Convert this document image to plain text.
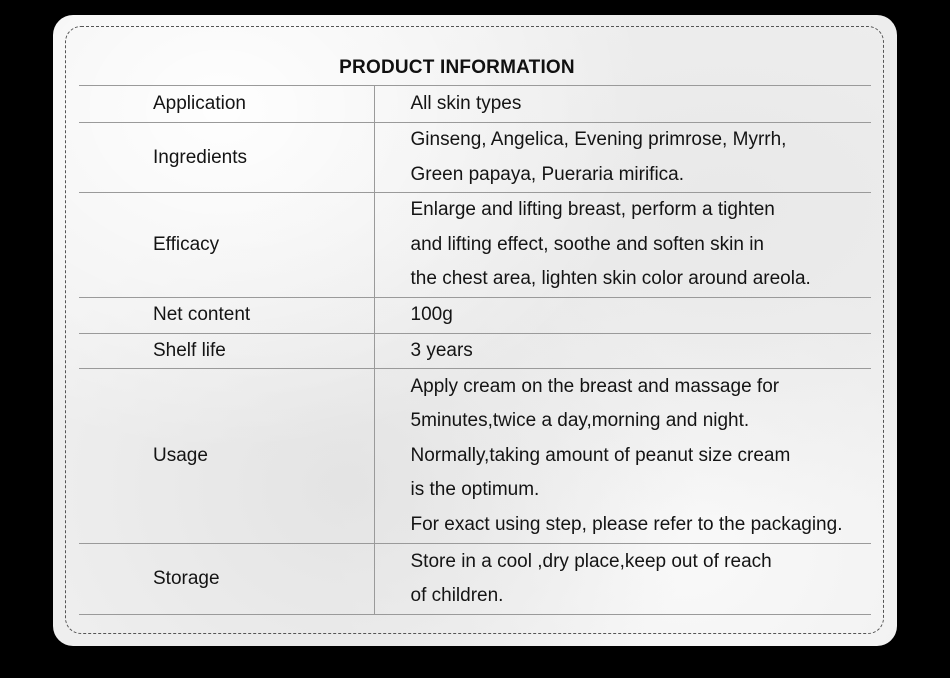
PRODUCT INFORMATION
Application	All skin types

Ingredients	Ginseng, Angelica, Evening primrose, Myrrh,
Green papaya, Pueraria mirifica.

Efficacy	Enlarge and lifting breast, perform a tighten
and lifting effect, soothe and soften skin in
the chest area, lighten skin color around areola.

Net content	100g

Shelf life	3 years

Usage	Apply cream on the breast and massage for
5minutes,twice a day,morning and night.
Normally,taking amount of peanut size cream
is the optimum.
For exact using step, please refer to the packaging.

Storage	Store in a cool ,dry place,keep out of reach
of children.
